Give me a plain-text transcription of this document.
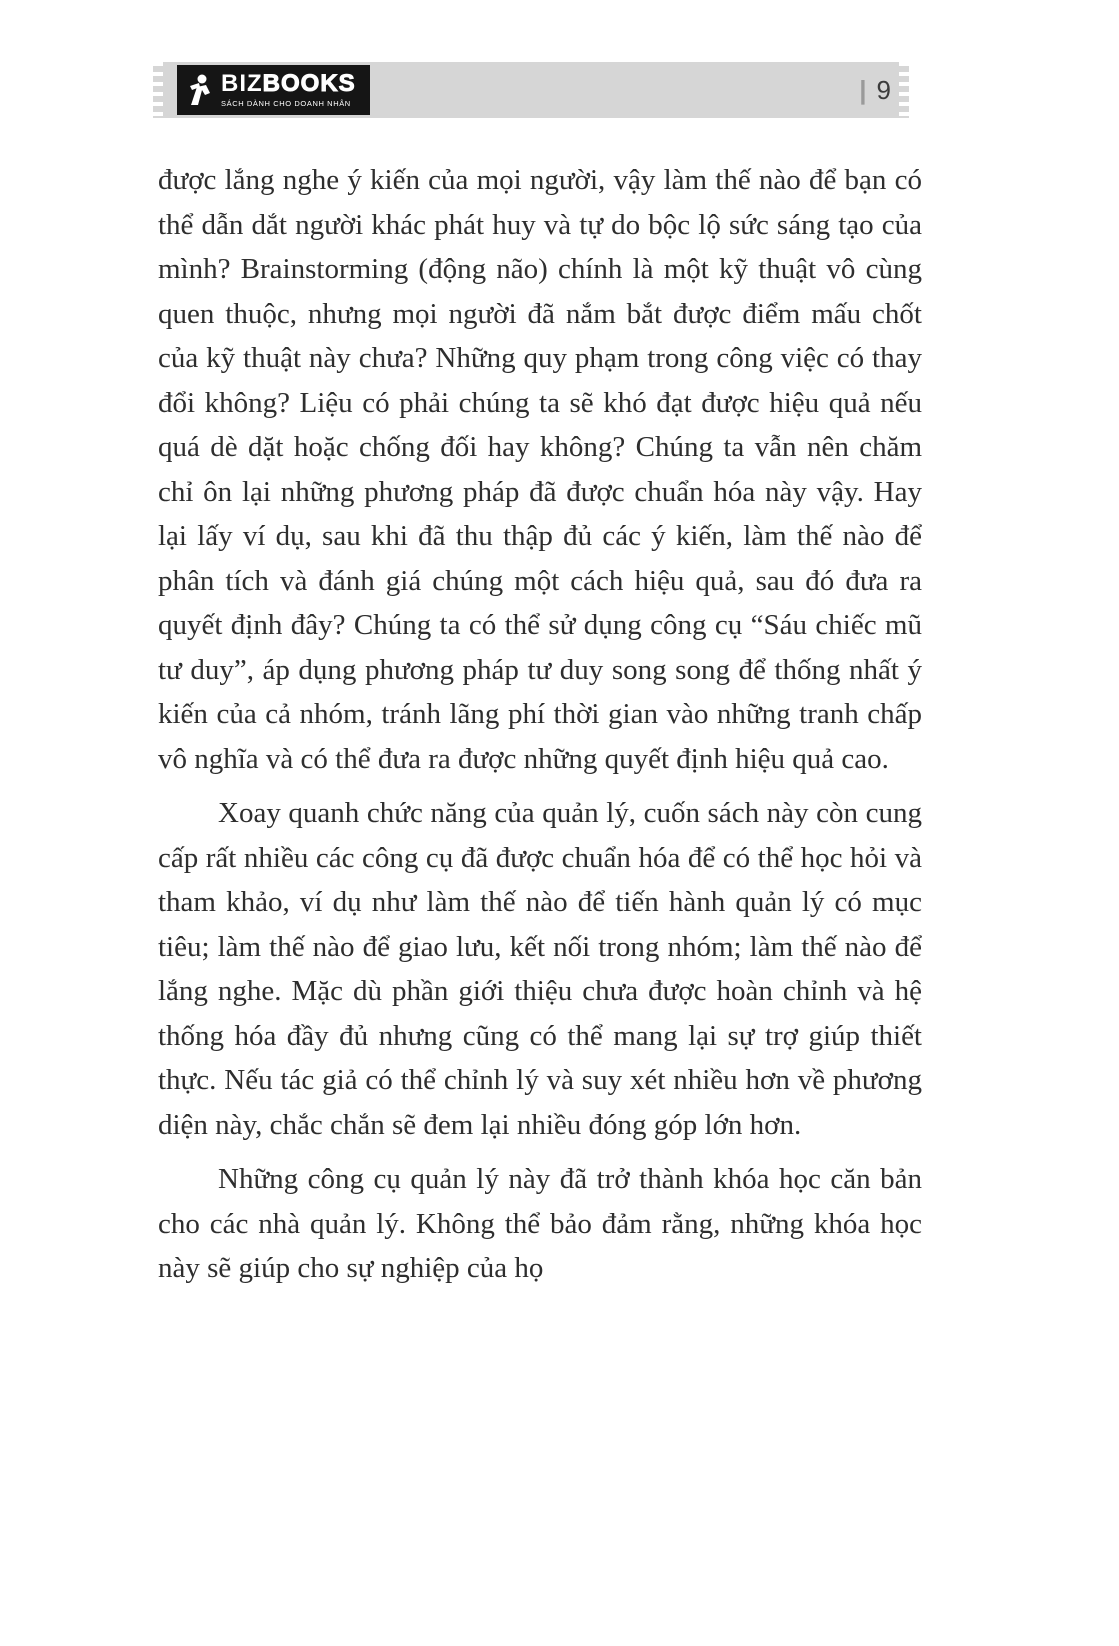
BIZ BOOKS
SÁCH DÀNH CHO DOANH NHÂN	| 9

được lắng nghe ý kiến của mọi người, vậy làm thế nào để bạn có thể dẫn dắt người khác phát huy và tự do bộc lộ sức sáng tạo của mình? Brainstorming (động não) chính là một kỹ thuật vô cùng quen thuộc, nhưng mọi người đã nắm bắt được điểm mấu chốt của kỹ thuật này chưa? Những quy phạm trong công việc có thay đổi không? Liệu có phải chúng ta sẽ khó đạt được hiệu quả nếu quá dè dặt hoặc chống đối hay không? Chúng ta vẫn nên chăm chỉ ôn lại những phương pháp đã được chuẩn hóa này vậy. Hay lại lấy ví dụ, sau khi đã thu thập đủ các ý kiến, làm thế nào để phân tích và đánh giá chúng một cách hiệu quả, sau đó đưa ra quyết định đây? Chúng ta có thể sử dụng công cụ “Sáu chiếc mũ tư duy”, áp dụng phương pháp tư duy song song để thống nhất ý kiến của cả nhóm, tránh lãng phí thời gian vào những tranh chấp vô nghĩa và có thể đưa ra được những quyết định hiệu quả cao.

Xoay quanh chức năng của quản lý, cuốn sách này còn cung cấp rất nhiều các công cụ đã được chuẩn hóa để có thể học hỏi và tham khảo, ví dụ như làm thế nào để tiến hành quản lý có mục tiêu; làm thế nào để giao lưu, kết nối trong nhóm; làm thế nào để lắng nghe. Mặc dù phần giới thiệu chưa được hoàn chỉnh và hệ thống hóa đầy đủ nhưng cũng có thể mang lại sự trợ giúp thiết thực. Nếu tác giả có thể chỉnh lý và suy xét nhiều hơn về phương diện này, chắc chắn sẽ đem lại nhiều đóng góp lớn hơn.

Những công cụ quản lý này đã trở thành khóa học căn bản cho các nhà quản lý. Không thể bảo đảm rằng, những khóa học này sẽ giúp cho sự nghiệp của họ
